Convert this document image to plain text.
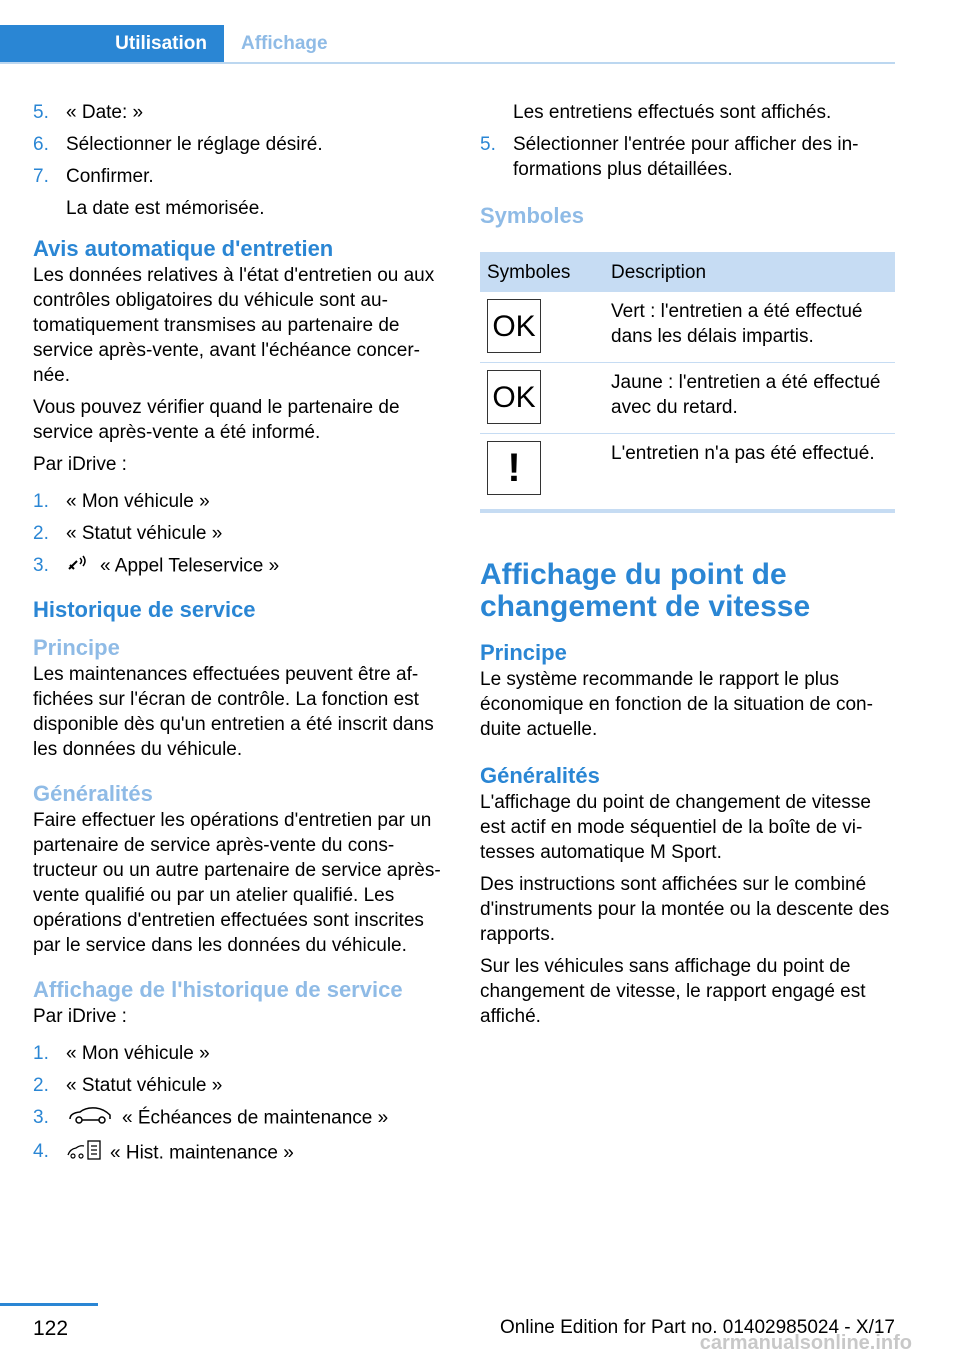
Utilisation	Affichage
5. « Date: »
6. Sélectionner le réglage désiré.
7. Confirmer.
La date est mémorisée.
Avis automatique d'entretien

Les données relatives à l'état d'entretien ou aux contrôles obligatoires du véhicule sont automatiquement transmises au partenaire de service après-vente, avant l'échéance concernée.

Vous pouvez vérifier quand le partenaire de service après-vente a été informé.

Par iDrive :

1. « Mon véhicule »
2. « Statut véhicule »
3.	« Appel Teleservice »
Historique de service
Principe

Les maintenances effectuées peuvent être affichées sur l'écran de contrôle. La fonction est disponible dès qu'un entretien a été inscrit dans les données du véhicule.

Généralités

Faire effectuer les opérations d'entretien par un partenaire de service après-vente du constructeur ou un autre partenaire de service après-vente qualifié ou par un atelier qualifié. Les opérations d'entretien effectuées sont inscrites par le service dans les données du véhicule.

Affichage de l'historique de service

Par iDrive :

1. « Mon véhicule »
2. « Statut véhicule »
3.	« Échéances de maintenance »
4.	« Hist. maintenance »

Les entretiens effectués sont affichés.

5. Sélectionner l'entrée pour afficher des informations plus détaillées.
Symboles
Symboles	Description

OK	Vert : l'entretien a été effectué dans les délais impartis.

OK	Jaune : l'entretien a été effectué avec du retard.

!	L'entretien n'a pas été effectué.
Affichage du point de changement de vitesse
Principe

Le système recommande le rapport le plus économique en fonction de la situation de conduite actuelle.

Généralités

L'affichage du point de changement de vitesse est actif en mode séquentiel de la boîte de vitesses automatique M Sport.

Des instructions sont affichées sur le combiné d'instruments pour la montée ou la descente des rapports.

Sur les véhicules sans affichage du point de changement de vitesse, le rapport engagé est affiché.

122	Online Edition for Part no. 01402985024 - X/17
carmanualsonline.info
